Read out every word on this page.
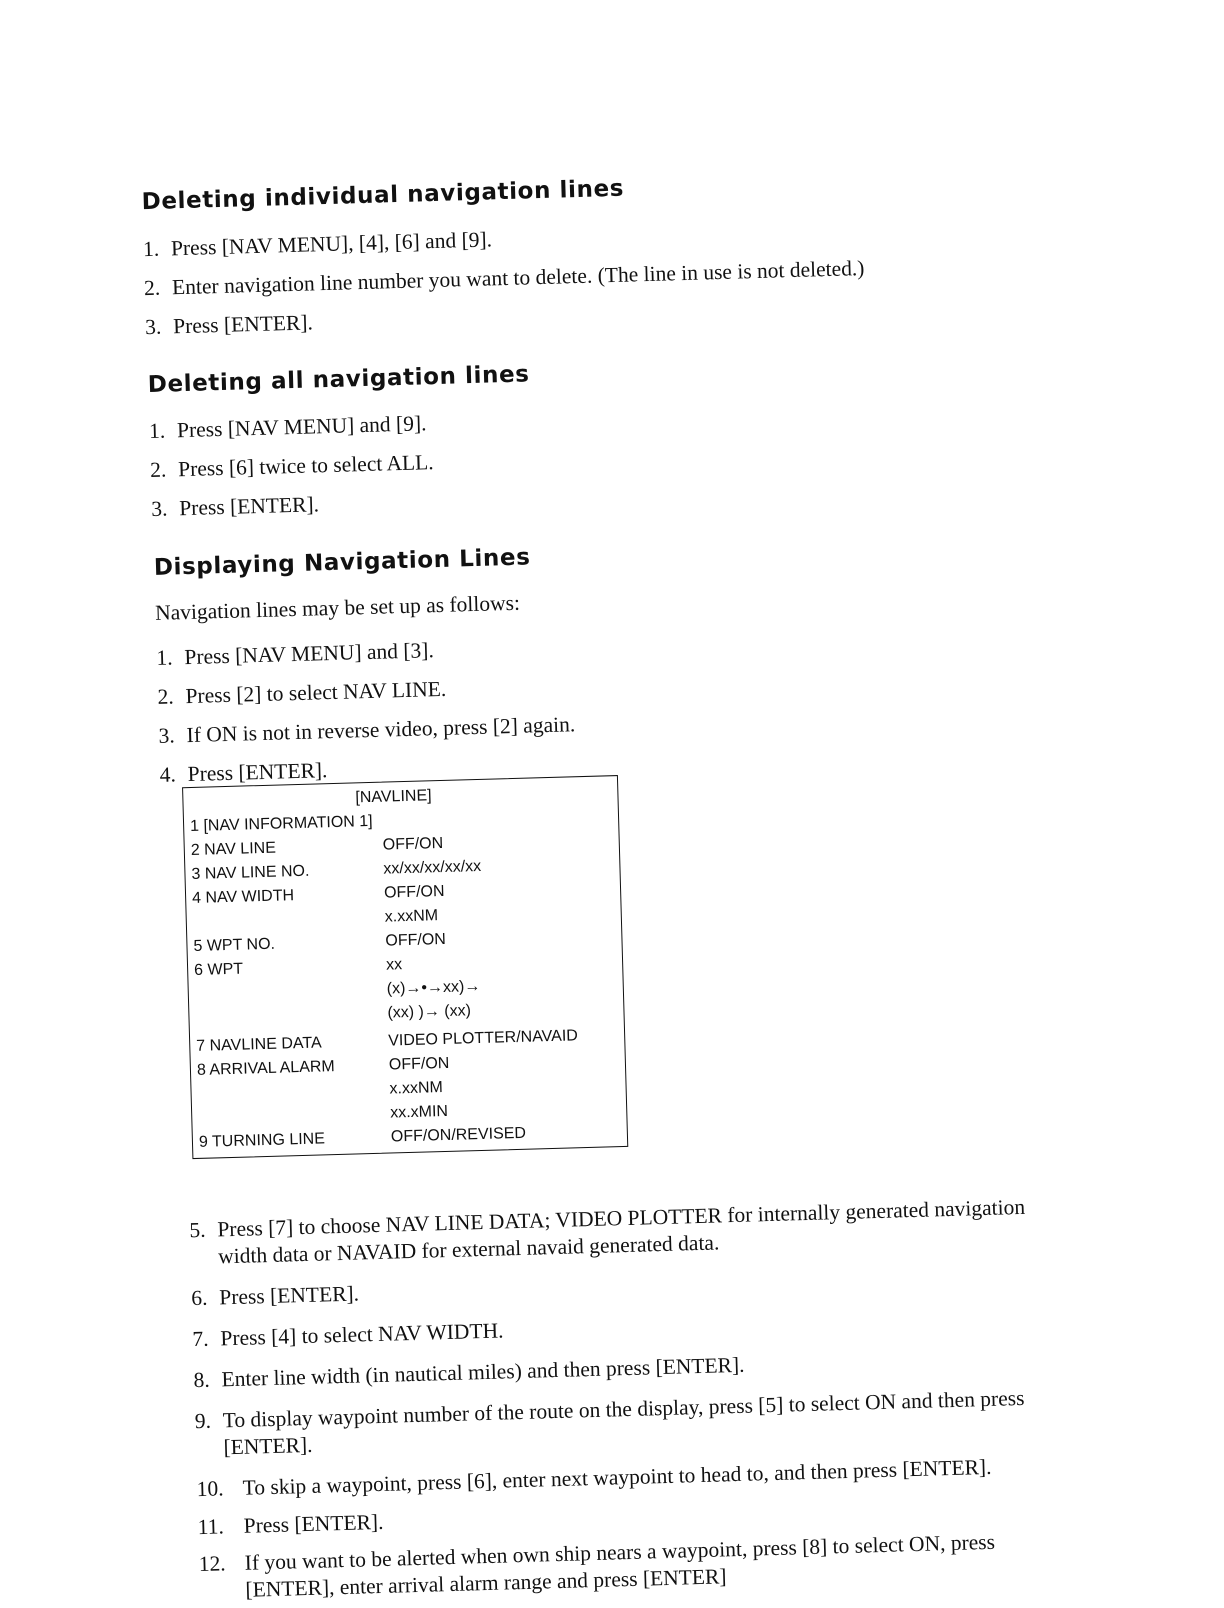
Deleting individual navigation lines

1. Press [NAV MENU], [4], [6] and [9].

2. Enter navigation line number you want to delete. (The line in use is not deleted.)

3. Press [ENTER].

Deleting all navigation lines

1. Press [NAV MENU] and [9].

2. Press [6] twice to select ALL.

3. Press [ENTER].

Displaying Navigation Lines

Navigation lines may be set up as follows:

1. Press [NAV MENU] and [3].

2. Press [2] to select NAV LINE.

3. If ON is not in reverse video, press [2] again.

4. Press [ENTER].

[NAVLINE]
1 [NAV INFORMATION 1]
2 NAV LINE	OFF/ON
3 NAV LINE NO.	xx/xx/xx/xx/xx
4 NAV WIDTH	OFF/ON
x.xxNM
5 WPT NO.	OFF/ON
6 WPT	xx
(x)→•→xx)→
(xx) )→ (xx)
7 NAVLINE DATA	VIDEO PLOTTER/NAVAID
8 ARRIVAL ALARM	OFF/ON
x.xxNM
xx.xMIN
9 TURNING LINE	OFF/ON/REVISED

5. Press [7] to choose NAV LINE DATA; VIDEO PLOTTER for internally generated navigation

width data or NAVAID for external navaid generated data.

6. Press [ENTER].

7. Press [4] to select NAV WIDTH.

8. Enter line width (in nautical miles) and then press [ENTER].

9. To display waypoint number of the route on the display, press [5] to select ON and then press

[ENTER].

10. To skip a waypoint, press [6], enter next waypoint to head to, and then press [ENTER].

11. Press [ENTER].

12. If you want to be alerted when own ship nears a waypoint, press [8] to select ON, press

[ENTER], enter arrival alarm range and press [ENTER]
